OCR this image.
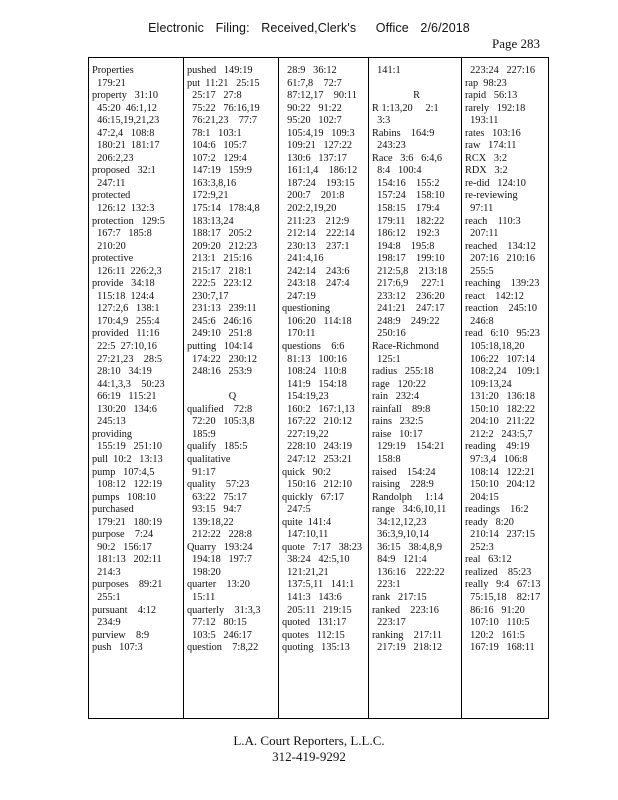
Electronic Filing: Received,Clerk's Office 2/6/2018
Page 283
Properties
179:21
property   31:10
45:20  46:1,12
46:15,19,21,23
47:2,4   108:8
180:21  181:17
206:2,23
proposed   32:1
247:11
protected
126:12  132:3
protection   129:5
167:7   185:8
210:20
protective
126:11  226:2,3
provide   34:18
115:18  124:4
127:2,6   138:1
170:4,9   255:4
provided   11:16
22:5  27:10,16
27:21,23    28:5
28:10   34:19
44:1,3,3    50:23
66:19   115:21
130:20   134:6
245:13
providing
155:19   251:10
pull  10:2   13:13
pump   107:4,5
108:12   122:19
pumps   108:10
purchased
179:21   180:19
purpose    7:24
90:2   156:17
181:13   202:11
214:3
purposes    89:21
255:1
pursuant    4:12
234:9
purview    8:9
push   107:3
pushed   149:19
put  11:21   25:15
25:17   27:8
75:22   76:16,19
76:21,23    77:7
78:1   103:1
104:6   105:7
107:2   129:4
147:19   159:9
163:3,8,16
172:9,21
175:14   178:4,8
183:13,24
188:17   205:2
209:20   212:23
213:1   215:16
215:17   218:1
222:5   223:12
230:7,17
231:13   239:11
245:6   246:16
249:10   251:8
putting   104:14
174:22   230:12
248:16   253:9
Q
qualified    72:8
72:20   105:3,8
185:9
qualify   185:5
qualitative
91:17
quality    57:23
63:22   75:17
93:15   94:7
139:18,22
212:22   228:8
Quarry   193:24
194:18   197:7
198:20
quarter    13:20
15:11
quarterly    31:3,3
77:12   80:15
103:5   246:17
question    7:8,22
28:9   36:12
61:7,8    72:7
87:12,17    90:11
90:22   91:22
95:20   102:7
105:4,19   109:3
109:21   127:22
130:6   137:17
161:1,4    186:12
187:24    193:15
200:7    201:8
202:2,19,20
211:23    212:9
212:14    222:14
230:13    237:1
241:4,16
242:14    243:6
243:18    247:4
247:19
questioning
106:20   114:18
170:11
questions    6:6
81:13   100:16
108:24   110:8
141:9   154:18
154:19,23
160:2   167:1,13
167:22   210:12
227:19,22
228:10   243:19
247:12   253:21
quick   90:2
150:16   212:10
quickly   67:17
247:5
quite  141:4
147:10,11
quote   7:17   38:23
38:24   42:5,10
121:21,21
137:5,11   141:1
141:3   143:6
205:11   219:15
quoted   131:17
quotes   112:15
quoting   135:13
141:1
R
R 1:13,20     2:1
3:3
Rabins    164:9
243:23
Race   3:6   6:4,6
8:4   100:4
154:16    155:2
157:24    158:10
158:15    179:4
179:11    182:22
186:12    192:3
194:8    195:8
198:17    199:10
212:5,8    213:18
217:6,9     227:1
233:12    236:20
241:21    247:17
248:9    249:22
250:16
Race-Richmond
125:1
radius   255:18
rage   120:22
rain   232:4
rainfall    89:8
rains   232:5
raise   10:17
129:19    154:21
158:8
raised    154:24
raising    228:9
Randolph     1:14
range   34:6,10,11
34:12,12,23
36:3,9,10,14
36:15   38:4,8,9
84:9   121:4
136:16    222:22
223:1
rank   217:15
ranked    223:16
223:17
ranking    217:11
217:19   218:12
223:24   227:16
rap  98:23
rapid   56:13
rarely   192:18
193:11
rates   103:16
raw   174:11
RCX   3:2
RDX   3:2
re-did   124:10
re-reviewing
97:11
reach    110:3
207:11
reached    134:12
207:16   210:16
255:5
reaching    139:23
react    142:12
reaction    245:10
246:8
read   6:10   95:23
105:18,18,20
106:22   107:14
108:2,24    109:1
109:13,24
131:20   136:18
150:10   182:22
204:10   211:22
212:2   243:5,7
reading    49:19
97:3,4   106:8
108:14   122:21
150:10   204:12
204:15
readings    16:2
ready   8:20
210:14   237:15
252:3
real   63:12
realized    85:23
really   9:4   67:13
75:15,18    82:17
86:16   91:20
107:10   110:5
120:2   161:5
167:19   168:11
L.A. Court Reporters, L.L.C.
312-419-9292
